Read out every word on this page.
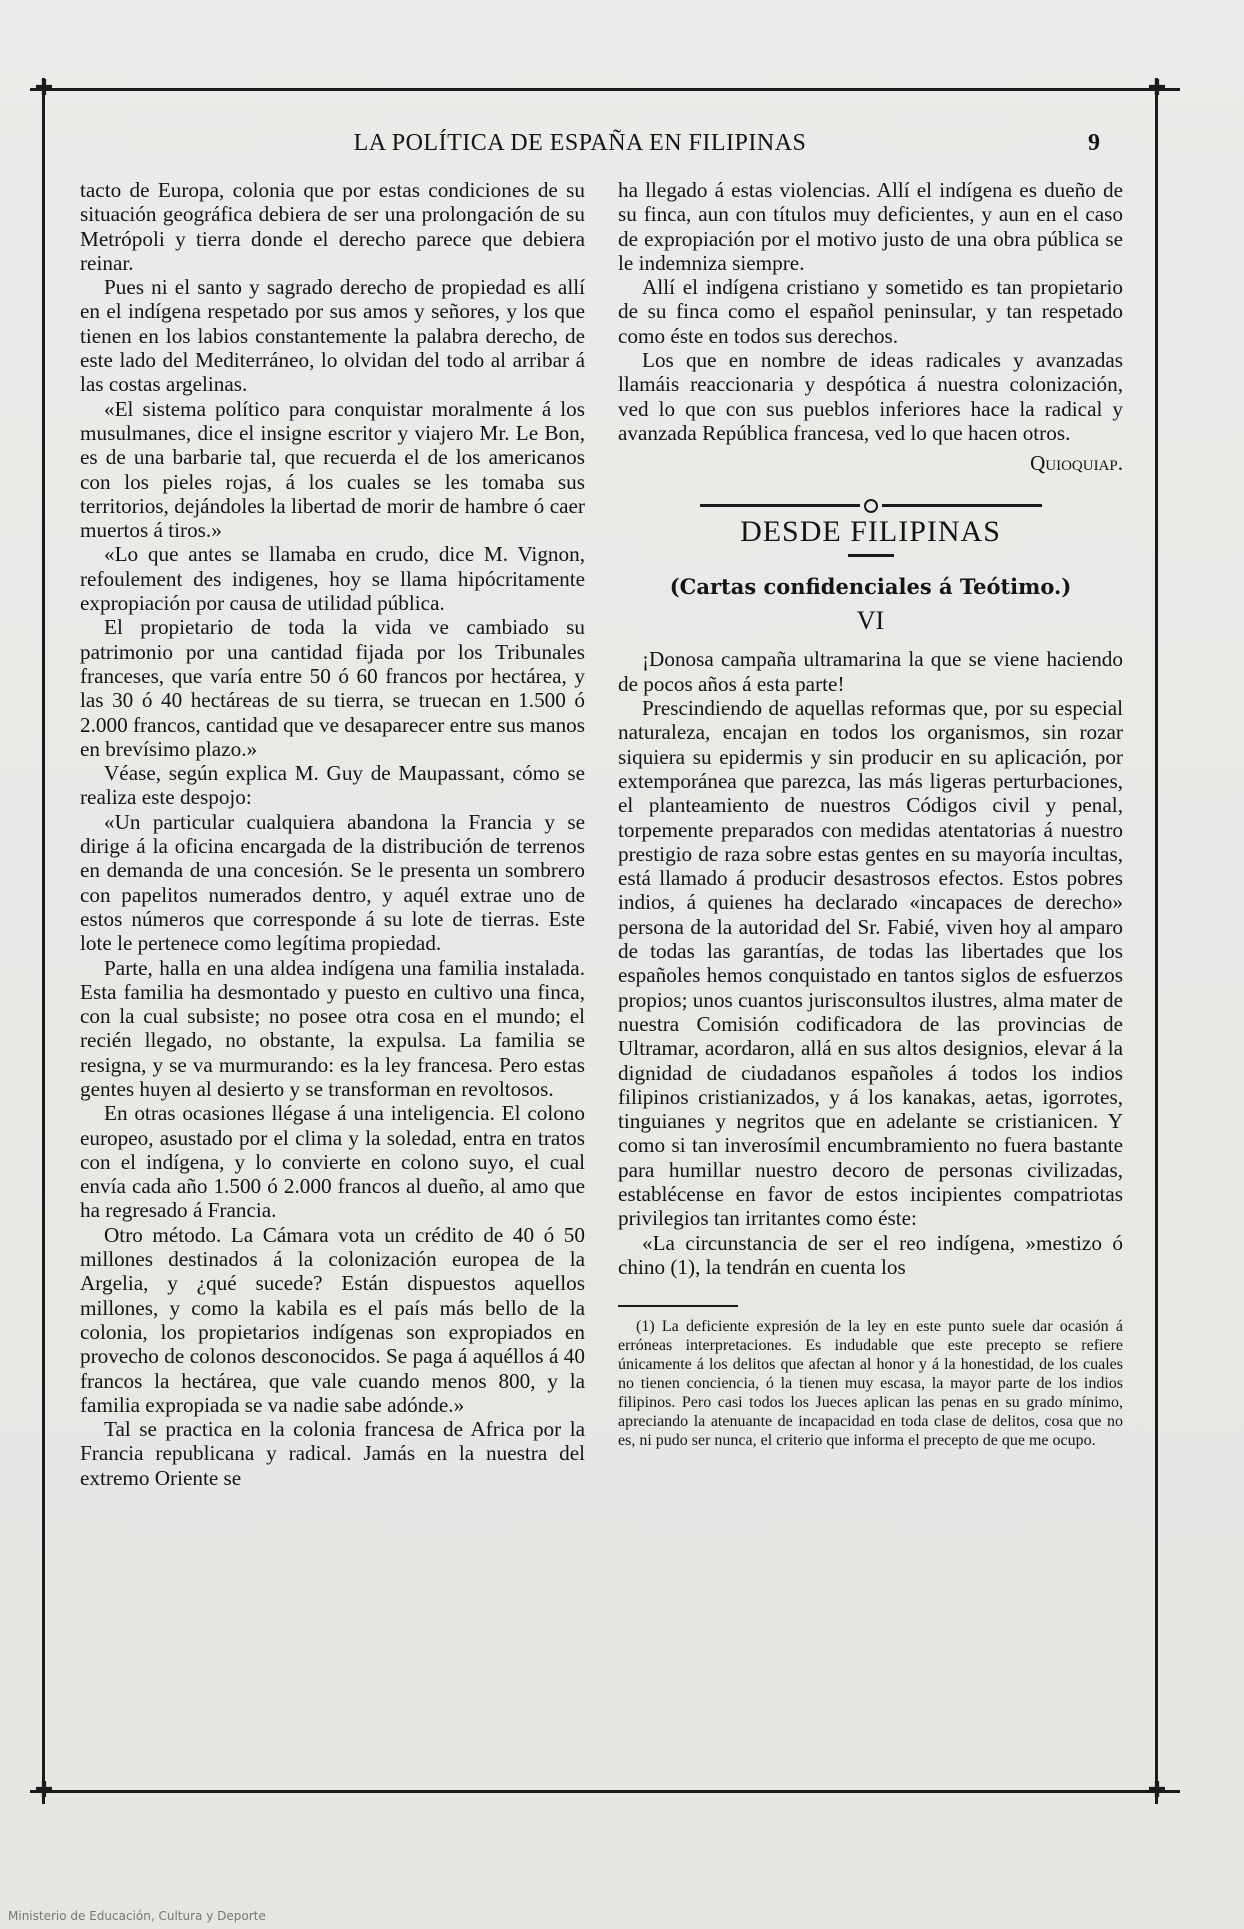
✚	✚
✚	✚
LA POLÍTICA DE ESPAÑA EN FILIPINAS	9

tacto de Europa, colonia que por estas condiciones de su situación geográfica debiera de ser una prolongación de su Metrópoli y tierra donde el derecho parece que debiera reinar.

Pues ni el santo y sagrado derecho de propiedad es allí en el indígena respetado por sus amos y señores, y los que tienen en los labios constantemente la palabra derecho, de este lado del Mediterráneo, lo olvidan del todo al arribar á las costas argelinas.

«El sistema político para conquistar moralmente á los musulmanes, dice el insigne escritor y viajero Mr. Le Bon, es de una barbarie tal, que recuerda el de los americanos con los pieles rojas, á los cuales se les tomaba sus territorios, dejándoles la libertad de morir de hambre ó caer muertos á tiros.»

«Lo que antes se llamaba en crudo, dice M. Vignon, refoulement des indigenes, hoy se llama hipócritamente expropiación por causa de utilidad pública.

El propietario de toda la vida ve cambiado su patrimonio por una cantidad fijada por los Tribunales franceses, que varía entre 50 ó 60 francos por hectárea, y las 30 ó 40 hectáreas de su tierra, se truecan en 1.500 ó 2.000 francos, cantidad que ve desaparecer entre sus manos en brevísimo plazo.»

Véase, según explica M. Guy de Maupassant, cómo se realiza este despojo:

«Un particular cualquiera abandona la Francia y se dirige á la oficina encargada de la distribución de terrenos en demanda de una concesión. Se le presenta un sombrero con papelitos numerados dentro, y aquél extrae uno de estos números que corresponde á su lote de tierras. Este lote le pertenece como legítima propiedad.

Parte, halla en una aldea indígena una familia instalada. Esta familia ha desmontado y puesto en cultivo una finca, con la cual subsiste; no posee otra cosa en el mundo; el recién llegado, no obstante, la expulsa. La familia se resigna, y se va murmurando: es la ley francesa. Pero estas gentes huyen al desierto y se transforman en revoltosos.

En otras ocasiones llégase á una inteligencia. El colono europeo, asustado por el clima y la soledad, entra en tratos con el indígena, y lo convierte en colono suyo, el cual envía cada año 1.500 ó 2.000 francos al dueño, al amo que ha regresado á Francia.

Otro método. La Cámara vota un crédito de 40 ó 50 millones destinados á la colonización europea de la Argelia, y ¿qué sucede? Están dispuestos aquellos millones, y como la kabila es el país más bello de la colonia, los propietarios indígenas son expropiados en provecho de colonos desconocidos. Se paga á aquéllos á 40 francos la hectárea, que vale cuando menos 800, y la familia expropiada se va nadie sabe adónde.»

Tal se practica en la colonia francesa de Africa por la Francia republicana y radical. Jamás en la nuestra del extremo Oriente se

ha llegado á estas violencias. Allí el indígena es dueño de su finca, aun con títulos muy deficientes, y aun en el caso de expropiación por el motivo justo de una obra pública se le indemniza siempre.

Allí el indígena cristiano y sometido es tan propietario de su finca como el español peninsular, y tan respetado como éste en todos sus derechos.

Los que en nombre de ideas radicales y avanzadas llamáis reaccionaria y despótica á nuestra colonización, ved lo que con sus pueblos inferiores hace la radical y avanzada República francesa, ved lo que hacen otros.

Quioquiap.

DESDE FILIPINAS

(Cartas confidenciales á Teótimo.)

VI

¡Donosa campaña ultramarina la que se viene haciendo de pocos años á esta parte!

Prescindiendo de aquellas reformas que, por su especial naturaleza, encajan en todos los organismos, sin rozar siquiera su epidermis y sin producir en su aplicación, por extemporánea que parezca, las más ligeras perturbaciones, el planteamiento de nuestros Códigos civil y penal, torpemente preparados con medidas atentatorias á nuestro prestigio de raza sobre estas gentes en su mayoría incultas, está llamado á producir desastrosos efectos. Estos pobres indios, á quienes ha declarado «incapaces de derecho» persona de la autoridad del Sr. Fabié, viven hoy al amparo de todas las garantías, de todas las libertades que los españoles hemos conquistado en tantos siglos de esfuerzos propios; unos cuantos jurisconsultos ilustres, alma mater de nuestra Comisión codificadora de las provincias de Ultramar, acordaron, allá en sus altos designios, elevar á la dignidad de ciudadanos españoles á todos los indios filipinos cristianizados, y á los kanakas, aetas, igorrotes, tinguianes y negritos que en adelante se cristianicen. Y como si tan inverosímil encumbramiento no fuera bastante para humillar nuestro decoro de personas civilizadas, establécense en favor de estos incipientes compatriotas privilegios tan irritantes como éste:

«La circunstancia de ser el reo indígena, »mestizo ó chino (1), la tendrán en cuenta los

(1) La deficiente expresión de la ley en este punto suele dar ocasión á erróneas interpretaciones. Es indudable que este precepto se refiere únicamente á los delitos que afectan al honor y á la honestidad, de los cuales no tienen conciencia, ó la tienen muy escasa, la mayor parte de los indios filipinos. Pero casi todos los Jueces aplican las penas en su grado mínimo, apreciando la atenuante de incapacidad en toda clase de delitos, cosa que no es, ni pudo ser nunca, el criterio que informa el precepto de que me ocupo.

Ministerio de Educación, Cultura y Deporte
